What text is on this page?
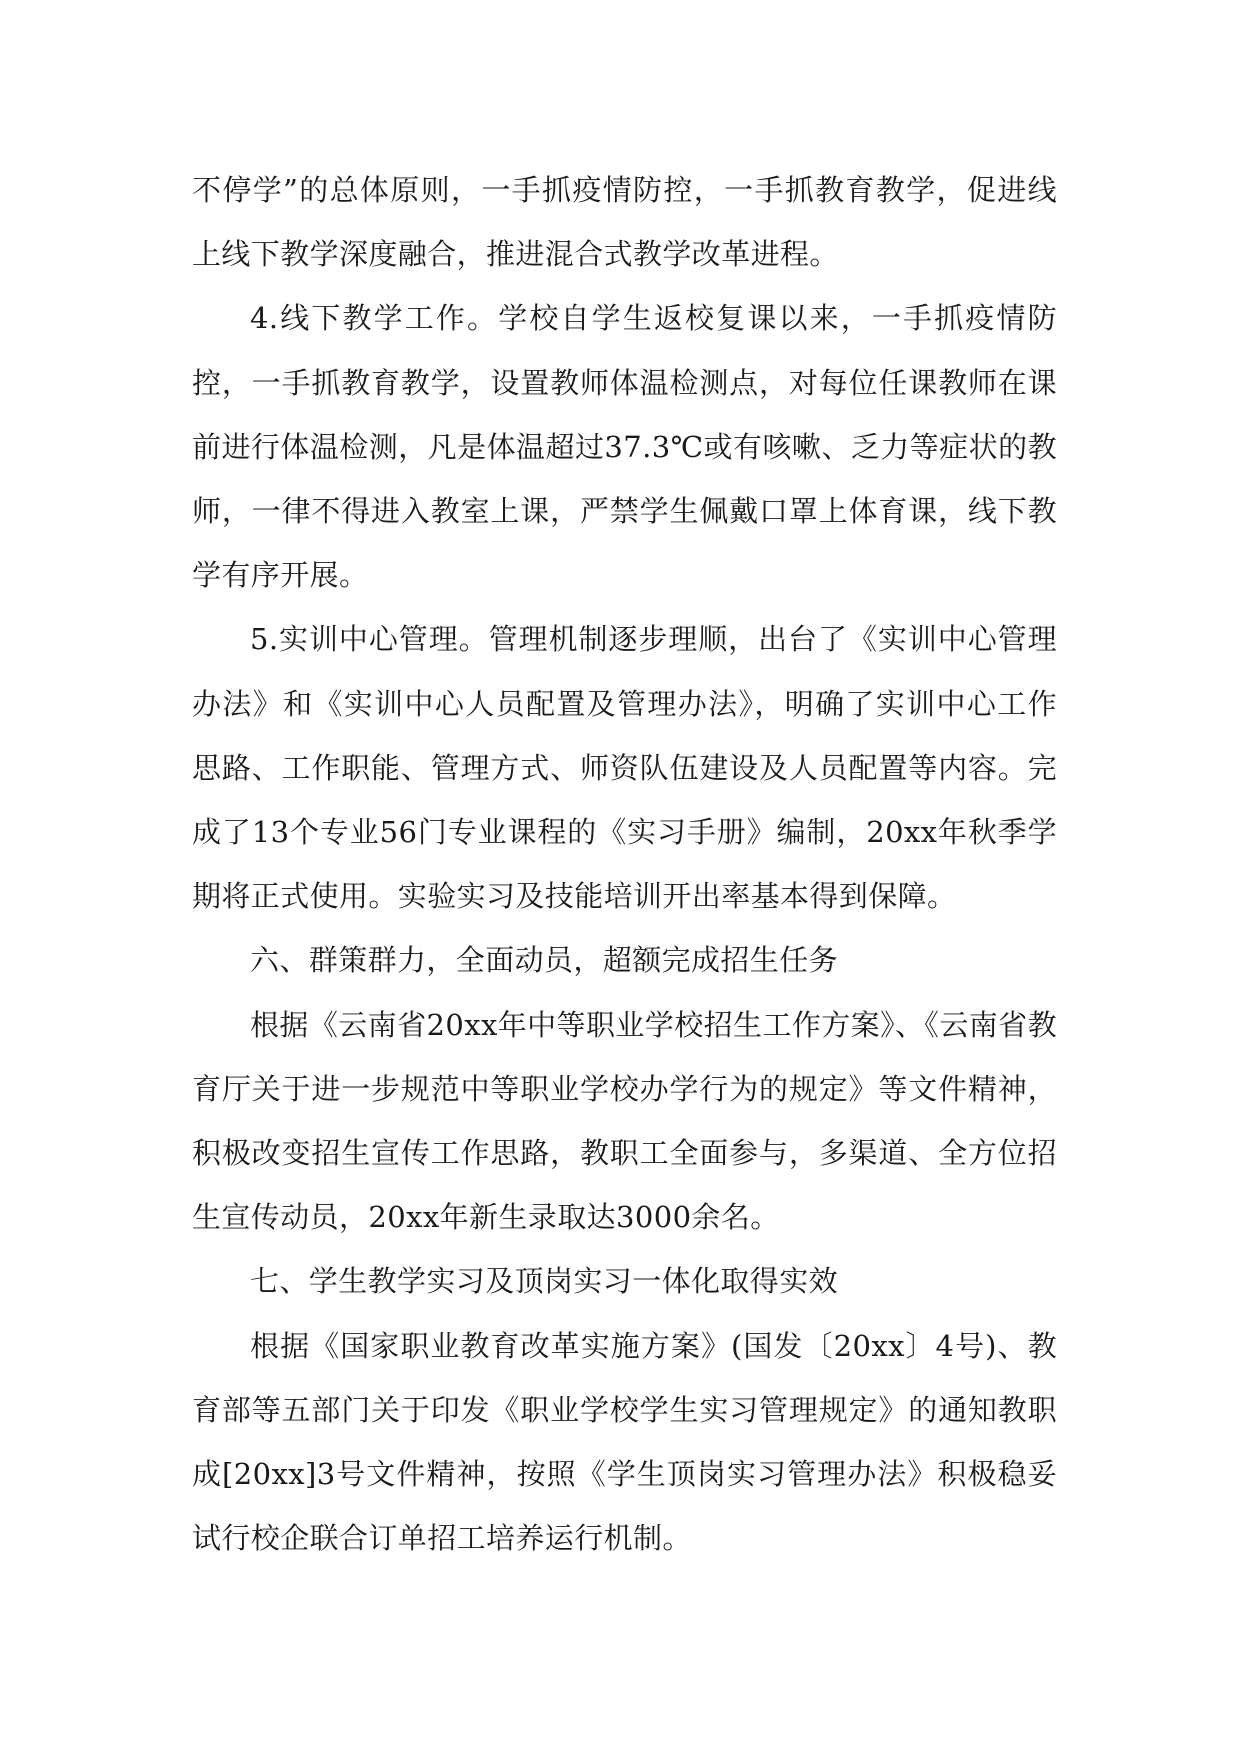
不停学”的总体原则，一手抓疫情防控，一手抓教育教学，促进线上线下教学深度融合，推进混合式教学改革进程。

4.线下教学工作。学校自学生返校复课以来，一手抓疫情防控，一手抓教育教学，设置教师体温检测点，对每位任课教师在课前进行体温检测，凡是体温超过37.3℃或有咳嗽、乏力等症状的教师，一律不得进入教室上课，严禁学生佩戴口罩上体育课，线下教学有序开展。

5.实训中心管理。管理机制逐步理顺，出台了《实训中心管理办法》和《实训中心人员配置及管理办法》，明确了实训中心工作思路、工作职能、管理方式、师资队伍建设及人员配置等内容。完成了13个专业56门专业课程的《实习手册》编制，20xx年秋季学期将正式使用。实验实习及技能培训开出率基本得到保障。

六、群策群力，全面动员，超额完成招生任务

根据《云南省20xx年中等职业学校招生工作方案》、《云南省教育厅关于进一步规范中等职业学校办学行为的规定》等文件精神，积极改变招生宣传工作思路，教职工全面参与，多渠道、全方位招生宣传动员，20xx年新生录取达3000余名。

七、学生教学实习及顶岗实习一体化取得实效

根据《国家职业教育改革实施方案》(国发〔20xx〕4号)、教育部等五部门关于印发《职业学校学生实习管理规定》的通知教职成[20xx]3号文件精神，按照《学生顶岗实习管理办法》积极稳妥试行校企联合订单招工培养运行机制。
